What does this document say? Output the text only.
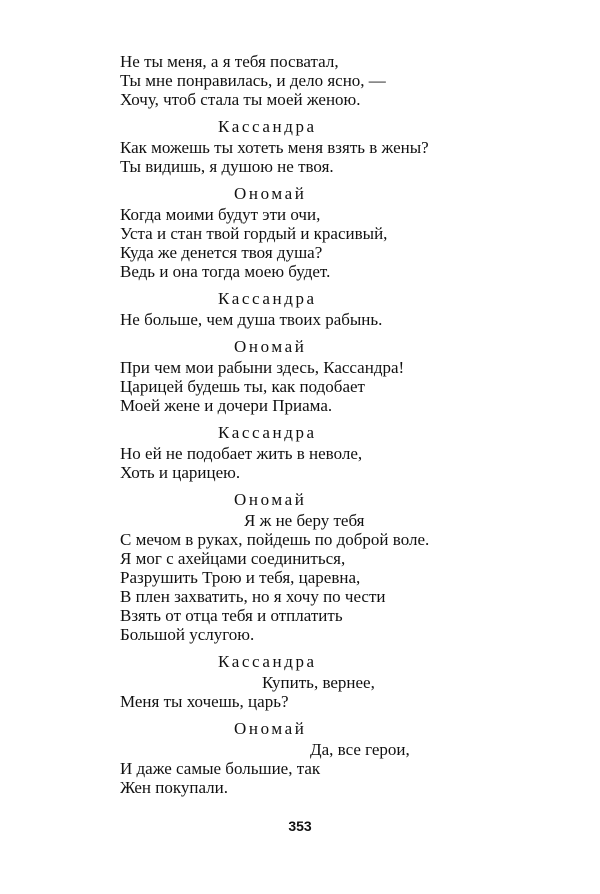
Не ты меня, а я тебя посватал,
Ты мне понравилась, и дело ясно, —
Хочу, чтоб стала ты моей женою.
Кассандра
Как можешь ты хотеть меня взять в жены?
Ты видишь, я душою не твоя.
Ономай
Когда моими будут эти очи,
Уста и стан твой гордый и красивый,
Куда же денется твоя душа?
Ведь и она тогда моею будет.
Кассандра
Не больше, чем душа твоих рабынь.
Ономай
При чем мои рабыни здесь, Кассандра!
Царицей будешь ты, как подобает
Моей жене и дочери Приама.
Кассандра
Но ей не подобает жить в неволе,
Хоть и царицею.
Ономай
Я ж не беру тебя
С мечом в руках, пойдешь по доброй воле.
Я мог с ахейцами соединиться,
Разрушить Трою и тебя, царевна,
В плен захватить, но я хочу по чести
Взять от отца тебя и отплатить
Большой услугою.
Кассандра
Купить, вернее,
Меня ты хочешь, царь?
Ономай
Да, все герои,
И даже самые большие, так
Жен покупали.
353
